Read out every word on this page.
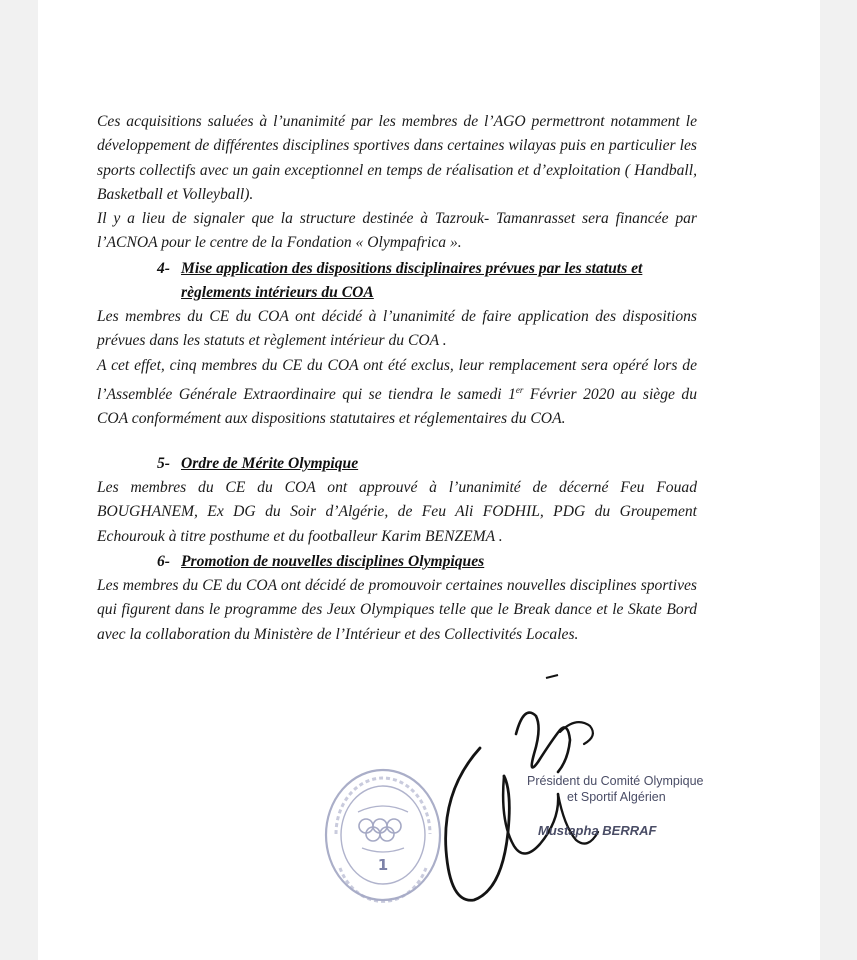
Ces acquisitions saluées à l’unanimité par les membres de l’AGO permettront notamment le développement de différentes disciplines sportives dans certaines wilayas puis en particulier les sports collectifs avec un gain exceptionnel en temps de réalisation et d’exploitation ( Handball, Basketball et Volleyball).

Il y a lieu de signaler que la structure destinée à Tazrouk- Tamanrasset sera financée par l’ACNOA pour le centre de la Fondation « Olympafrica ».

4- Mise application des dispositions disciplinaires prévues par les statuts et
règlements intérieurs du COA

Les membres du CE du COA ont décidé à l’unanimité de faire application des dispositions prévues dans les statuts et règlement intérieur du COA .

A cet effet, cinq membres du CE du COA ont été exclus, leur remplacement sera opéré lors de l’Assemblée Générale Extraordinaire qui se tiendra le samedi 1er Février 2020 au siège du COA conformément aux dispositions statutaires et réglementaires du COA.

5- Ordre de Mérite Olympique

Les membres du CE du COA ont approuvé à l’unanimité de décerné Feu Fouad BOUGHANEM, Ex DG du Soir d’Algérie, de Feu Ali FODHIL, PDG du Groupement Echourouk à titre posthume et du footballeur Karim BENZEMA .

6- Promotion de nouvelles disciplines Olympiques

Les membres du CE du COA ont décidé de promouvoir certaines nouvelles disciplines sportives qui figurent dans le programme des Jeux Olympiques telle que le Break dance et le Skate Bord avec la collaboration du Ministère de l’Intérieur et des Collectivités Locales.

1
Président du Comité Olympique
et Sportif Algérien
Mustapha BERRAF
